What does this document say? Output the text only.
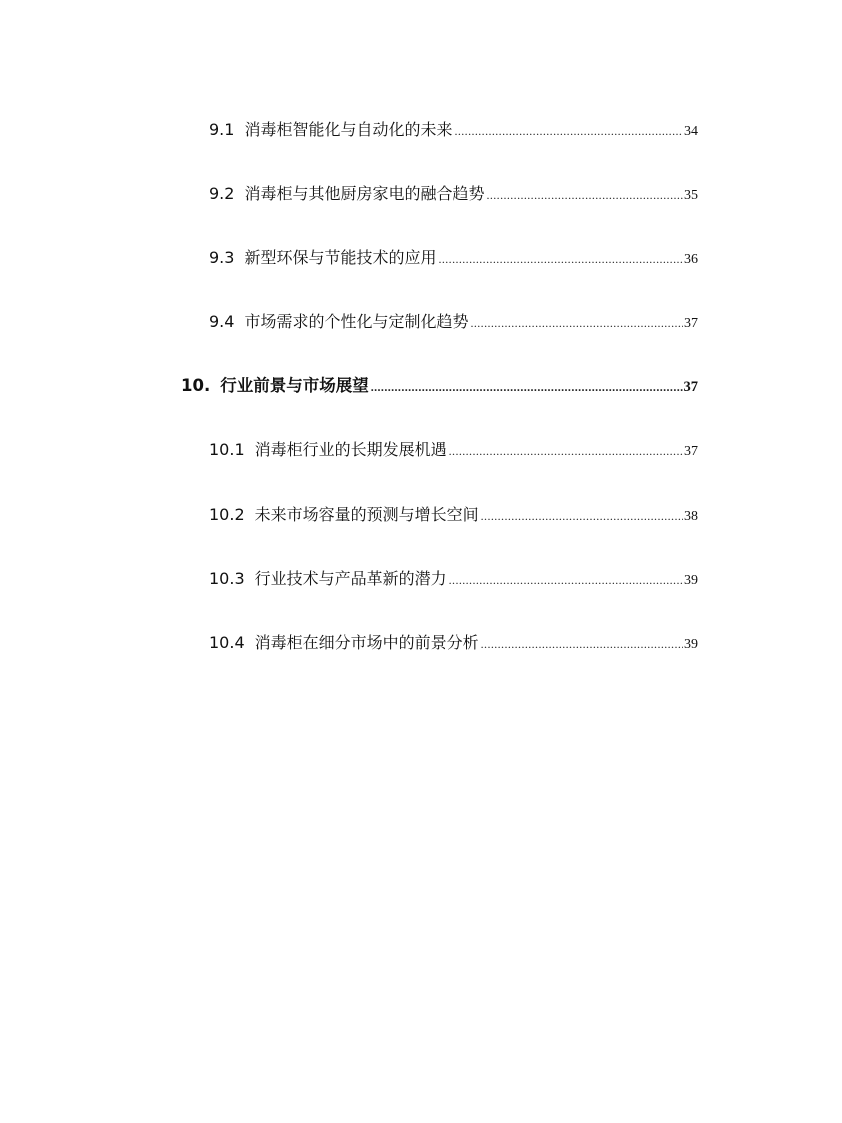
9.1 消毒柜智能化与自动化的未来 .....	34
9.2 消毒柜与其他厨房家电的融合趋势 .....	35
9.3 新型环保与节能技术的应用 .....	36
9.4 市场需求的个性化与定制化趋势 .....	37
10. 行业前景与市场展望 .....	37
10.1 消毒柜行业的长期发展机遇 .....	37
10.2 未来市场容量的预测与增长空间 .....	38
10.3 行业技术与产品革新的潜力 .....	39
10.4 消毒柜在细分市场中的前景分析 .....	39
